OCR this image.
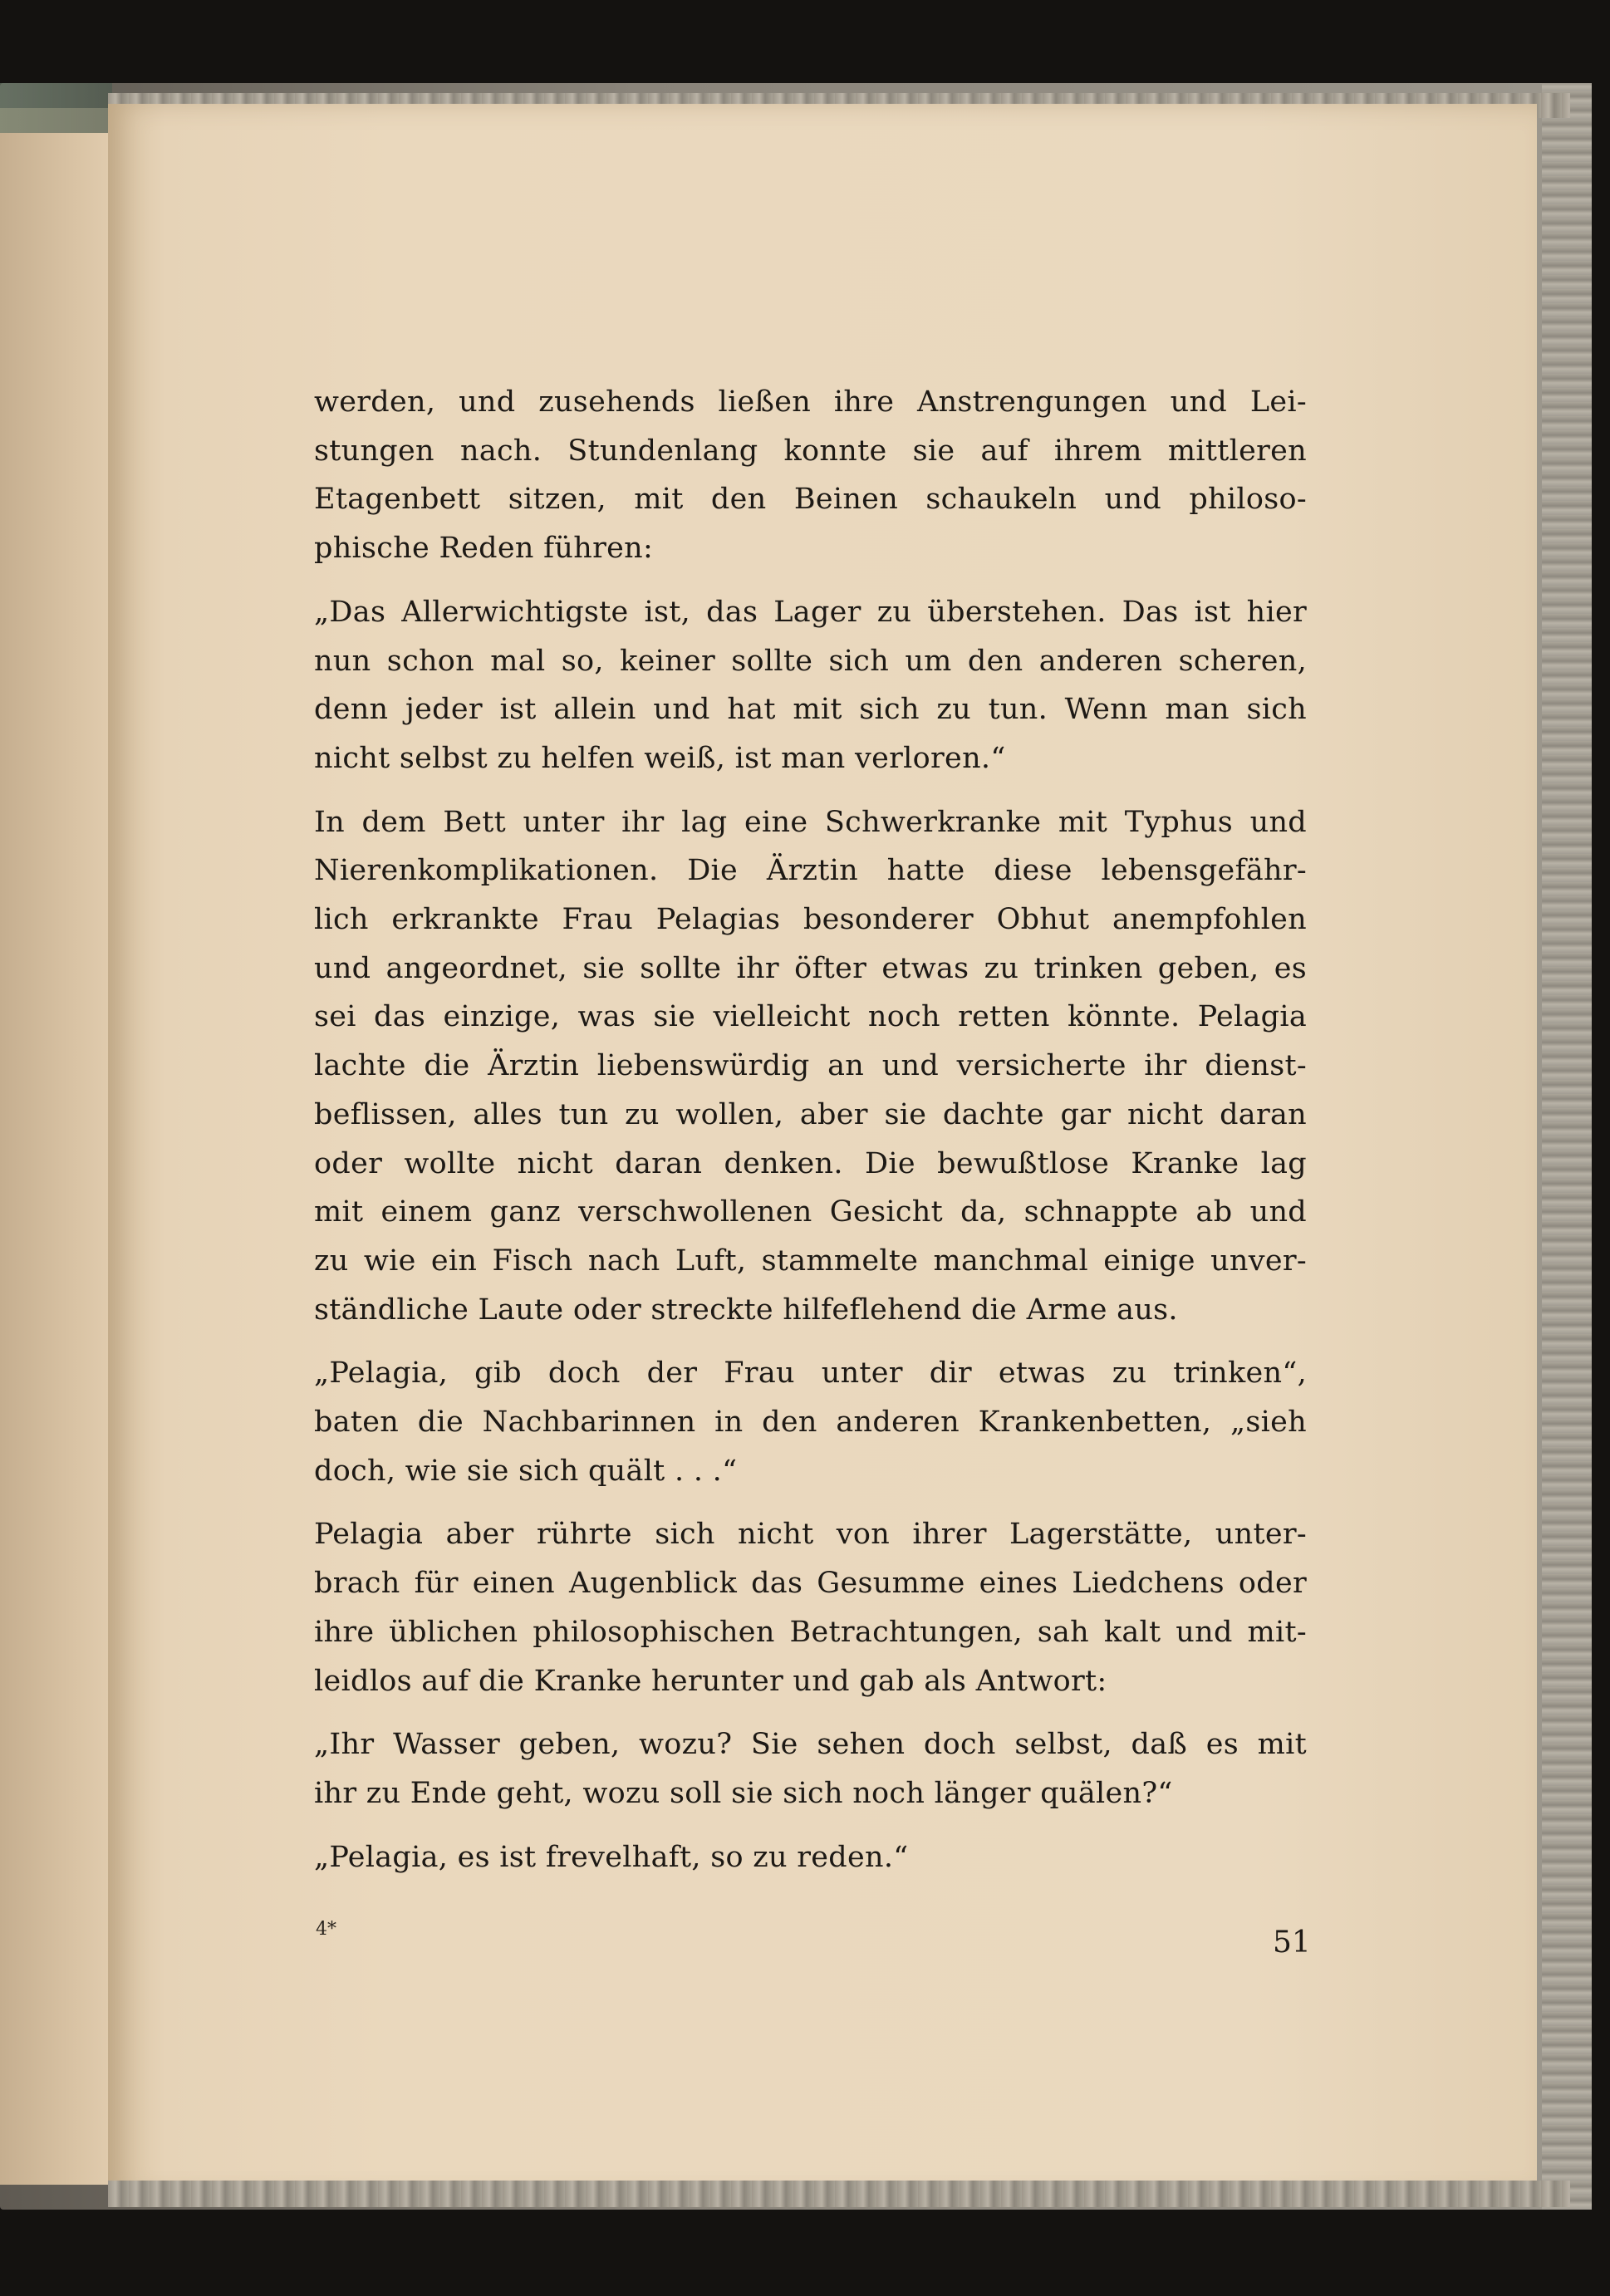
werden, und zusehends ließen ihre Anstrengungen und Lei-
stungen nach. Stundenlang konnte sie auf ihrem mittleren
Etagenbett sitzen, mit den Beinen schaukeln und philoso-
phische Reden führen:

„Das Allerwichtigste ist, das Lager zu überstehen. Das ist hier
nun schon mal so, keiner sollte sich um den anderen scheren,
denn jeder ist allein und hat mit sich zu tun. Wenn man sich
nicht selbst zu helfen weiß, ist man verloren.“

In dem Bett unter ihr lag eine Schwerkranke mit Typhus und
Nierenkomplikationen. Die Ärztin hatte diese lebensgefähr-
lich erkrankte Frau Pelagias besonderer Obhut anempfohlen
und angeordnet, sie sollte ihr öfter etwas zu trinken geben, es
sei das einzige, was sie vielleicht noch retten könnte. Pelagia
lachte die Ärztin liebenswürdig an und versicherte ihr dienst-
beflissen, alles tun zu wollen, aber sie dachte gar nicht daran
oder wollte nicht daran denken. Die bewußtlose Kranke lag
mit einem ganz verschwollenen Gesicht da, schnappte ab und
zu wie ein Fisch nach Luft, stammelte manchmal einige unver-
ständliche Laute oder streckte hilfeflehend die Arme aus.

„Pelagia, gib doch der Frau unter dir etwas zu trinken“,
baten die Nachbarinnen in den anderen Krankenbetten, „sieh
doch, wie sie sich quält . . .“

Pelagia aber rührte sich nicht von ihrer Lagerstätte, unter-
brach für einen Augenblick das Gesumme eines Liedchens oder
ihre üblichen philosophischen Betrachtungen, sah kalt und mit-
leidlos auf die Kranke herunter und gab als Antwort:

„Ihr Wasser geben, wozu? Sie sehen doch selbst, daß es mit
ihr zu Ende geht, wozu soll sie sich noch länger quälen?“

„Pelagia, es ist frevelhaft, so zu reden.“

4*	51
